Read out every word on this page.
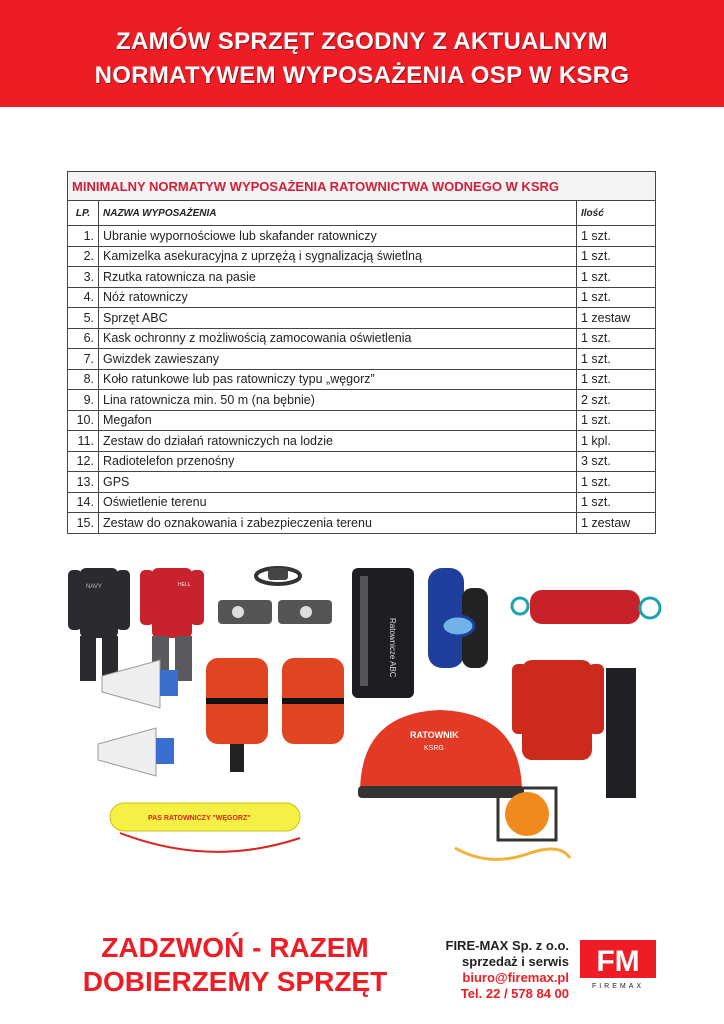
ZAMÓW SPRZĘT ZGODNY Z AKTUALNYM
NORMATYWEM WYPOSAŻENIA OSP W KSRG
MINIMALNY NORMATYW WYPOSAŻENIA RATOWNICTWA WODNEGO W KSRG		
LP.	NAZWA WYPOSAŻENIA	Ilość
1.	Ubranie wypornościowe lub skafander ratowniczy	1 szt.
2.	Kamizelka asekuracyjna z uprzężą i sygnalizacją świetlną	1 szt.
3.	Rzutka ratownicza na pasie	1 szt.
4.	Nóż ratowniczy	1 szt.
5.	Sprzęt ABC	1 zestaw
6.	Kask ochronny z możliwością zamocowania oświetlenia	1 szt.
7.	Gwizdek zawieszany	1 szt.
8.	Koło ratunkowe lub pas ratowniczy typu „węgorz”	1 szt.
9.	Lina ratownicza min. 50 m (na bębnie)	2 szt.
10.	Megafon	1 szt.
11.	Zestaw do działań ratowniczych na lodzie	1 kpl.
12.	Radiotelefon przenośny	3 szt.
13.	GPS	1 szt.
14.	Oświetlenie terenu	1 szt.
15.	Zestaw do oznakowania i zabezpieczenia terenu	1 zestaw
NAVY	HELL
Ratownicze ABC
RATOWNIK
KSRG
PAS RATOWNICZY "WĘGORZ"
ZADZWOŃ - RAZEM
DOBIERZEMY SPRZĘT
FIRE-MAX Sp. z o.o.
sprzedaż i serwis
biuro@firemax.pl
Tel. 22 / 578 84 00
FM
FIREMAX
